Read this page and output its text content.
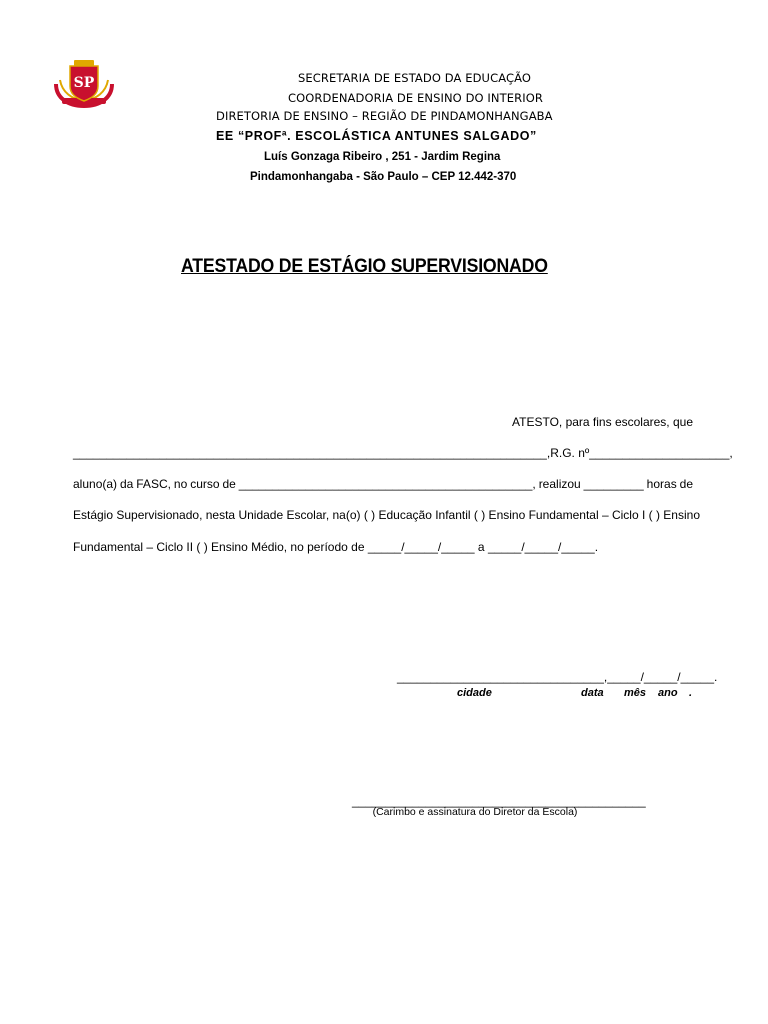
SP	SECRETARIA DE ESTADO DA EDUCAÇÃO
COORDENADORIA DE ENSINO DO INTERIOR
DIRETORIA DE ENSINO – REGIÃO DE PINDAMONHANGABA
EE “PROFª. ESCOLÁSTICA ANTUNES SALGADO”
Luís Gonzaga Ribeiro , 251 - Jardim Regina
Pindamonhangaba - São Paulo – CEP 12.442-370
ATESTADO DE ESTÁGIO SUPERVISIONADO
ATESTO, para fins escolares, que
_______________________________________________________________________, R.G. nº _____________________,
aluno(a) da FASC, no curso de ____________________________________________, realizou _________ horas de
Estágio Supervisionado, nesta Unidade Escolar, na(o) ( ) Educação Infantil ( ) Ensino Fundamental – Ciclo I ( ) Ensino
Fundamental – Ciclo II ( ) Ensino Médio, no período de _____/_____/_____ a _____/_____/_____.
_______________________________,_____/_____/_____.
cidade	data mês ano .
____________________________________________
(Carimbo e assinatura do Diretor da Escola)
